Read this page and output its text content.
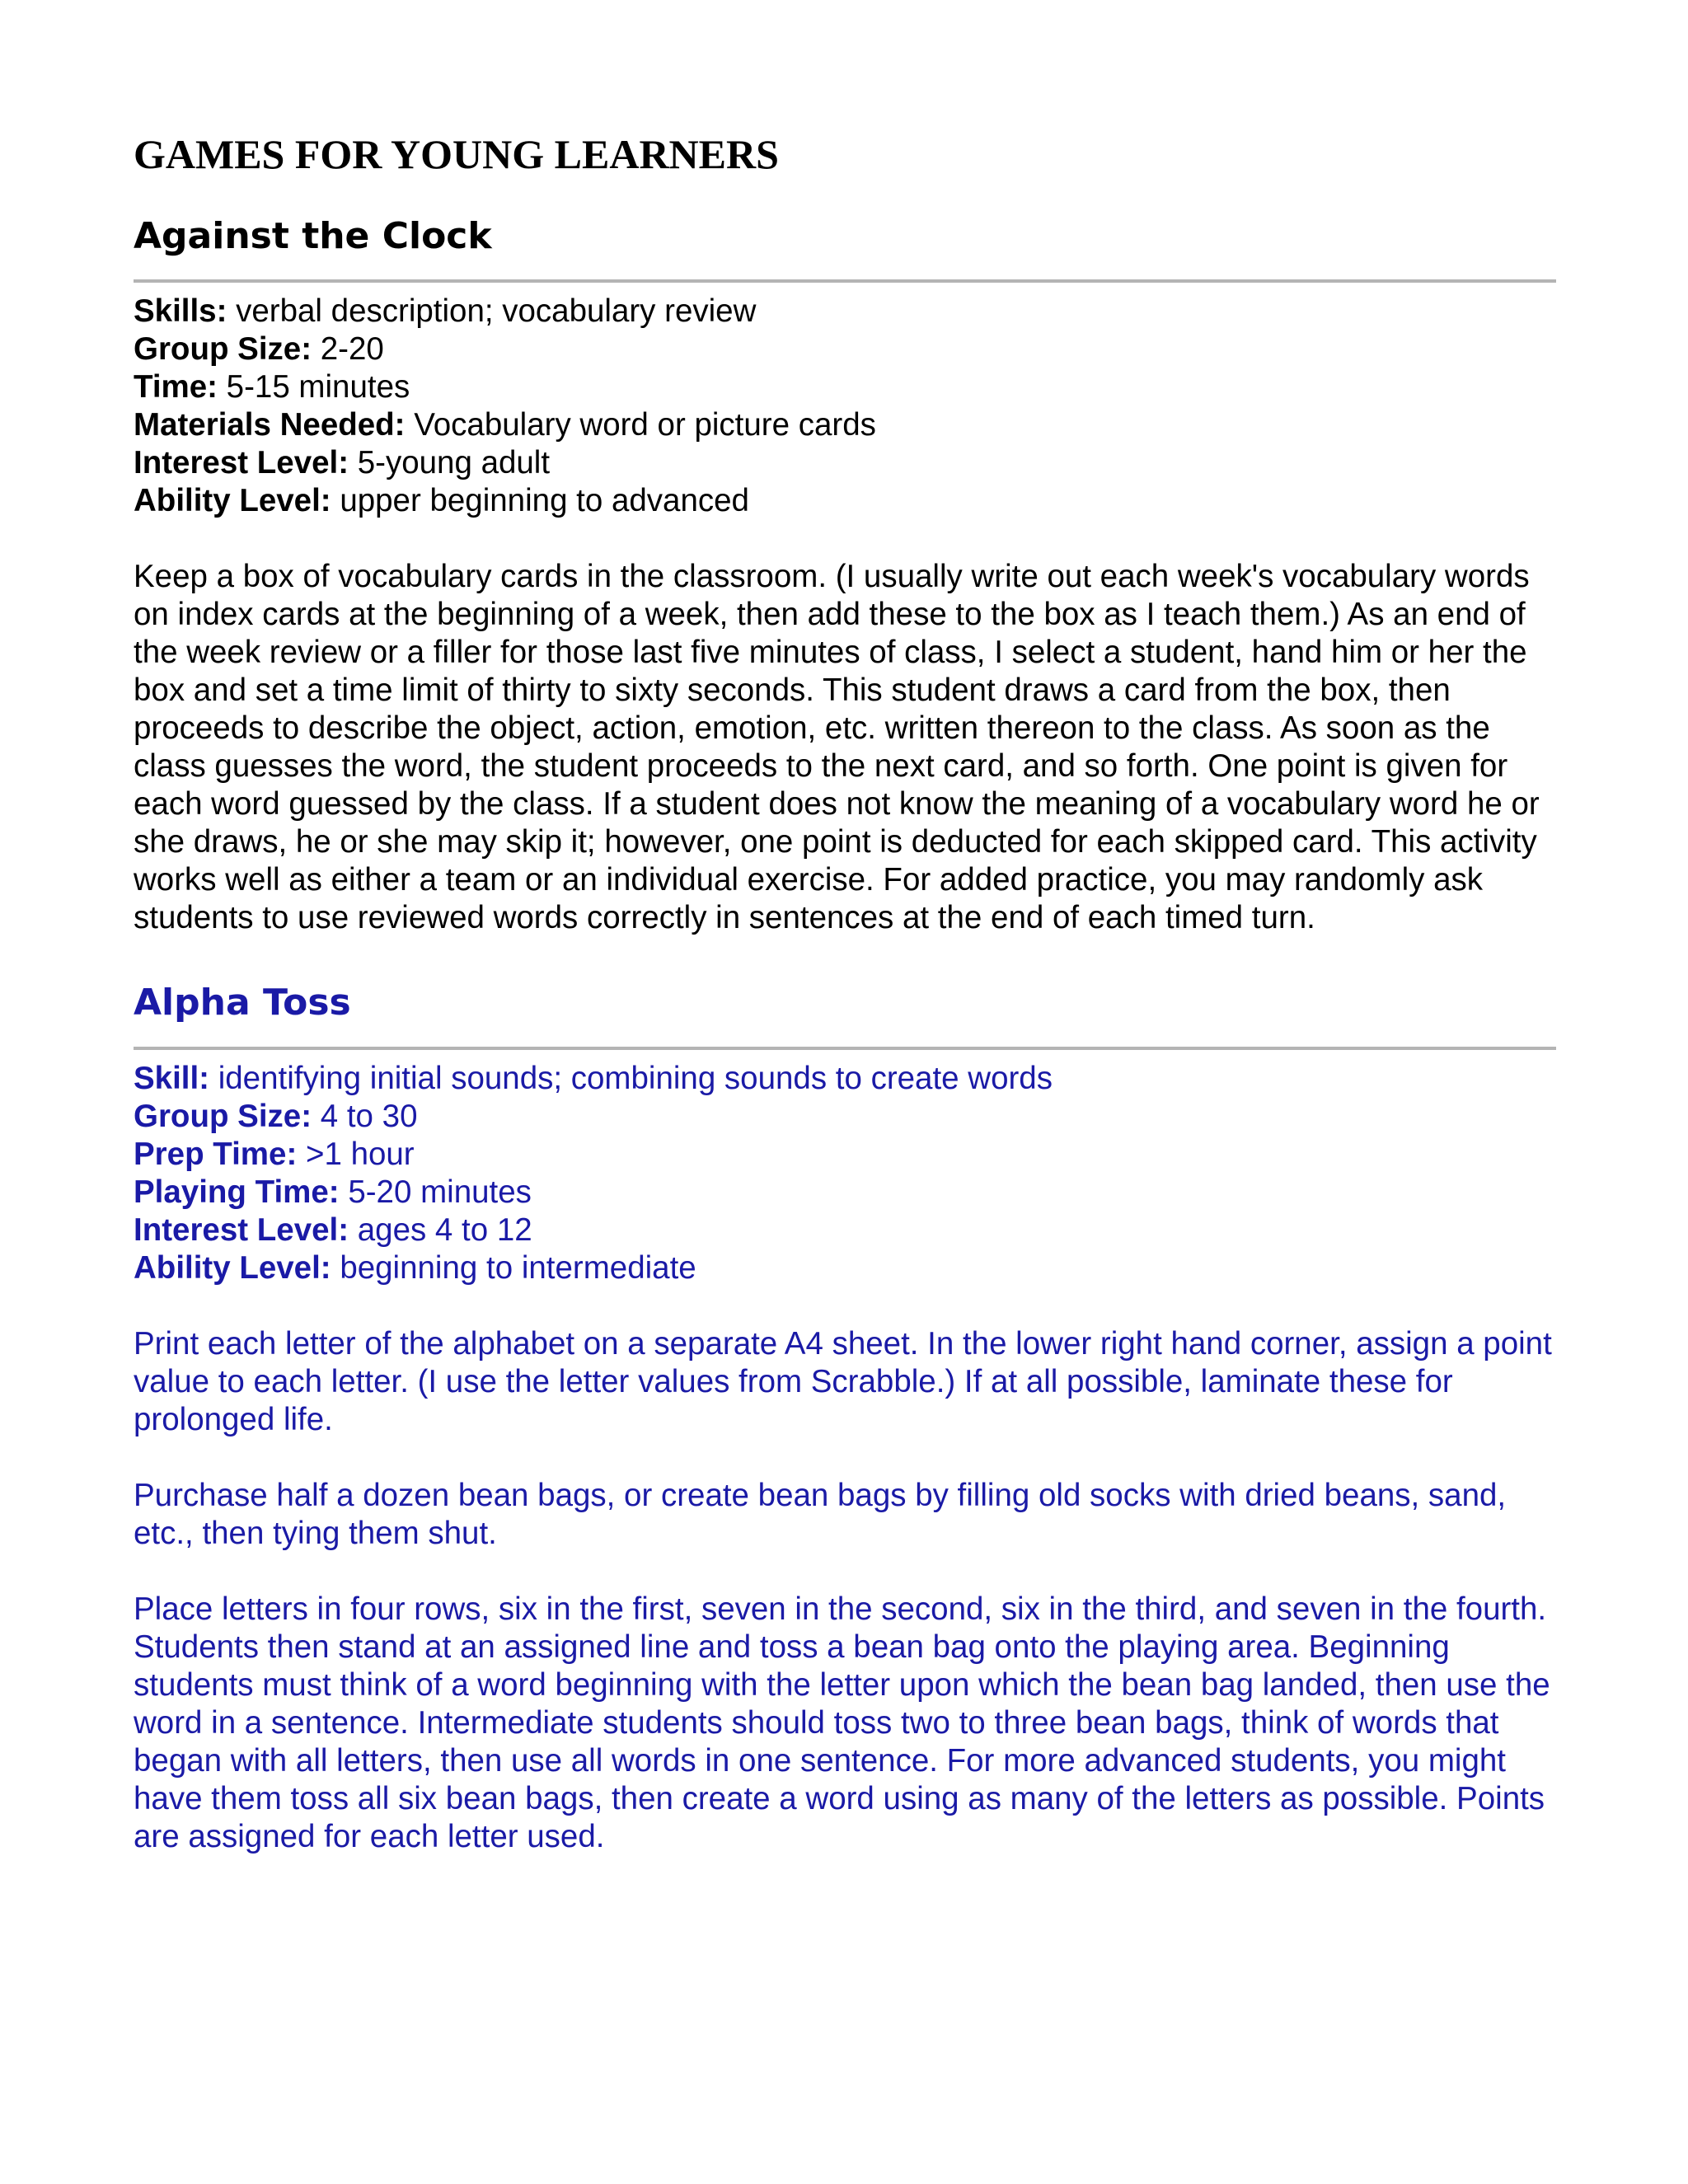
GAMES FOR YOUNG LEARNERS
Against the Clock
Skills: verbal description; vocabulary review
Group Size: 2-20
Time: 5-15 minutes
Materials Needed: Vocabulary word or picture cards
Interest Level: 5-young adult
Ability Level: upper beginning to advanced

Keep a box of vocabulary cards in the classroom. (I usually write out each week's vocabulary words on index cards at the beginning of a week, then add these to the box as I teach them.) As an end of the week review or a filler for those last five minutes of class, I select a student, hand him or her the box and set a time limit of thirty to sixty seconds. This student draws a card from the box, then proceeds to describe the object, action, emotion, etc. written thereon to the class. As soon as the class guesses the word, the student proceeds to the next card, and so forth. One point is given for each word guessed by the class. If a student does not know the meaning of a vocabulary word he or she draws, he or she may skip it; however, one point is deducted for each skipped card. This activity works well as either a team or an individual exercise. For added practice, you may randomly ask students to use reviewed words correctly in sentences at the end of each timed turn.

Alpha Toss
Skill: identifying initial sounds; combining sounds to create words
Group Size: 4 to 30
Prep Time: >1 hour
Playing Time: 5-20 minutes
Interest Level: ages 4 to 12
Ability Level: beginning to intermediate

Print each letter of the alphabet on a separate A4 sheet. In the lower right hand corner, assign a point value to each letter. (I use the letter values from Scrabble.) If at all possible, laminate these for prolonged life.

Purchase half a dozen bean bags, or create bean bags by filling old socks with dried beans, sand, etc., then tying them shut.

Place letters in four rows, six in the first, seven in the second, six in the third, and seven in the fourth. Students then stand at an assigned line and toss a bean bag onto the playing area. Beginning students must think of a word beginning with the letter upon which the bean bag landed, then use the word in a sentence. Intermediate students should toss two to three bean bags, think of words that began with all letters, then use all words in one sentence. For more advanced students, you might have them toss all six bean bags, then create a word using as many of the letters as possible. Points are assigned for each letter used.
